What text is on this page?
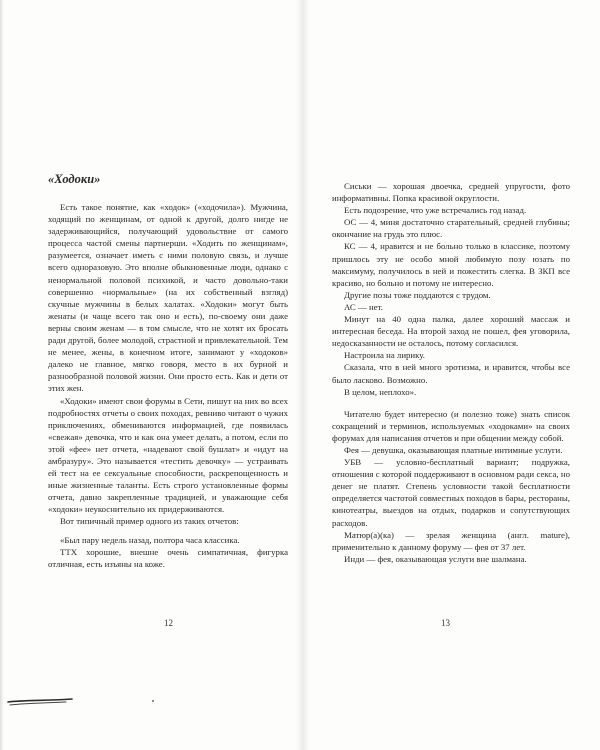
«Ходоки»

Есть такое понятие, как «ходок» («ходочила»). Мужчина, ходящий по женщинам, от одной к другой, долго нигде не задерживающийся, получающий удовольствие от самого процесса частой смены партнерши. «Ходить по женщинам», разумеется, означает иметь с ними половую связь, и лучше всего одноразовую. Это вполне обыкновенные люди, однако с ненормальной половой психикой, и часто довольно-таки совершенно «нормальные» (на их собственный взгляд) скучные мужчины в белых халатах. «Ходоки» могут быть женаты (и чаще всего так оно и есть), по-своему они даже верны своим женам — в том смысле, что не хотят их бросать ради другой, более молодой, страстной и привлекательной. Тем не менее, жены, в конечном итоге, занимают у «ходоков» далеко не главное, мягко говоря, место в их бурной и разнообразной половой жизни. Они просто есть. Как и дети от этих жен.

«Ходоки» имеют свои форумы в Сети, пишут на них во всех подробностях отчеты о своих походах, ревниво читают о чужих приключениях, обмениваются информацией, где появилась «свежая» девочка, что и как она умеет делать, а потом, если по этой «фее» нет отчета, «надевают свой бушлат» и «идут на амбразуру». Это называется «тестить девочку» — устраивать ей тест на ее сексуальные способности, раскрепощенность и иные жизненные таланты. Есть строго установленные формы отчета, давно закрепленные традицией, и уважающие себя «ходоки» неукоснительно их придерживаются.

Вот типичный пример одного из таких отчетов:

«Был пару недель назад, полтора часа классика.

ТТХ хорошие, внешне очень симпатичная, фигурка отличная, есть изъяны на коже.

Сиськи — хорошая двоечка, средней упругости, фото информативны. Попка красивой округлости.

Есть подозрение, что уже встречались год назад.

ОС — 4, миня достаточно старательный, средней глубины; окончание на грудь это плюс.

КС — 4, нравится и не больно только в классике, поэтому пришлось эту не особо мной любимую позу юзать по максимуму, получилось в ней и пожестить слегка. В ЗКП все красиво, но больно и потому не интересно.

Другие позы тоже поддаются с трудом.

АС — нет.

Минут на 40 одна палка, далее хороший массаж и интересная беседа. На второй заход не пошел, фея уговорила, недосказанности не осталось, потому согласился.

Настроила на лирику.

Сказала, что в ней много эротизма, и нравится, чтобы все было ласково. Возможно.

В целом, неплохо».

Читателю будет интересно (и полезно тоже) знать список сокращений и терминов, используемых «ходоками» на своих форумах для написания отчетов и при общении между собой.

Фея — девушка, оказывающая платные интимные услуги.

УБВ — условно-бесплатный вариант; подружка, отношения с которой поддерживают в основном ради секса, но денег не платят. Степень условности такой бесплатности определяется частотой совместных походов в бары, рестораны, кинотеатры, выездов на отдых, подарков и сопутствующих расходов.

Матюр(а)(ка) — зрелая женщина (англ. mature), применительно к данному форуму — фея от 37 лет.

Инди — фея, оказывающая услуги вне шалмана.

12	13
